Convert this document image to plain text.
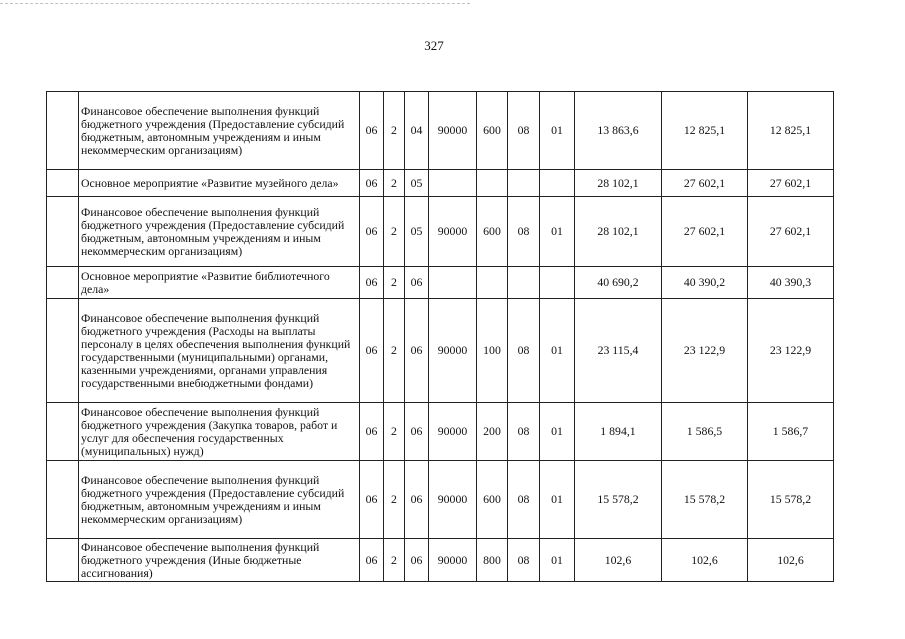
327
	Финансовое обеспечение выполнения функций бюджетного учреждения (Предоставление субсидий бюджетным, автономным учреждениям и иным некоммерческим организациям)	06	2	04	90000	600	08	01	13 863,6	12 825,1	12 825,1
	Основное мероприятие «Развитие музейного дела»	06	2	05					28 102,1	27 602,1	27 602,1
	Финансовое обеспечение выполнения функций бюджетного учреждения (Предоставление субсидий бюджетным, автономным учреждениям и иным некоммерческим организациям)	06	2	05	90000	600	08	01	28 102,1	27 602,1	27 602,1
	Основное мероприятие «Развитие библиотечного дела»	06	2	06					40 690,2	40 390,2	40 390,3
	Финансовое обеспечение выполнения функций бюджетного учреждения (Расходы на выплаты персоналу в целях обеспечения выполнения функций государственными (муниципальными) органами, казенными учреждениями, органами управления государственными внебюджетными фондами)	06	2	06	90000	100	08	01	23 115,4	23 122,9	23 122,9
	Финансовое обеспечение выполнения функций бюджетного учреждения (Закупка товаров, работ и услуг для обеспечения государственных (муниципальных) нужд)	06	2	06	90000	200	08	01	1 894,1	1 586,5	1 586,7
	Финансовое обеспечение выполнения функций бюджетного учреждения (Предоставление субсидий бюджетным, автономным учреждениям и иным некоммерческим организациям)	06	2	06	90000	600	08	01	15 578,2	15 578,2	15 578,2
	Финансовое обеспечение выполнения функций бюджетного учреждения (Иные бюджетные ассигнования)	06	2	06	90000	800	08	01	102,6	102,6	102,6
